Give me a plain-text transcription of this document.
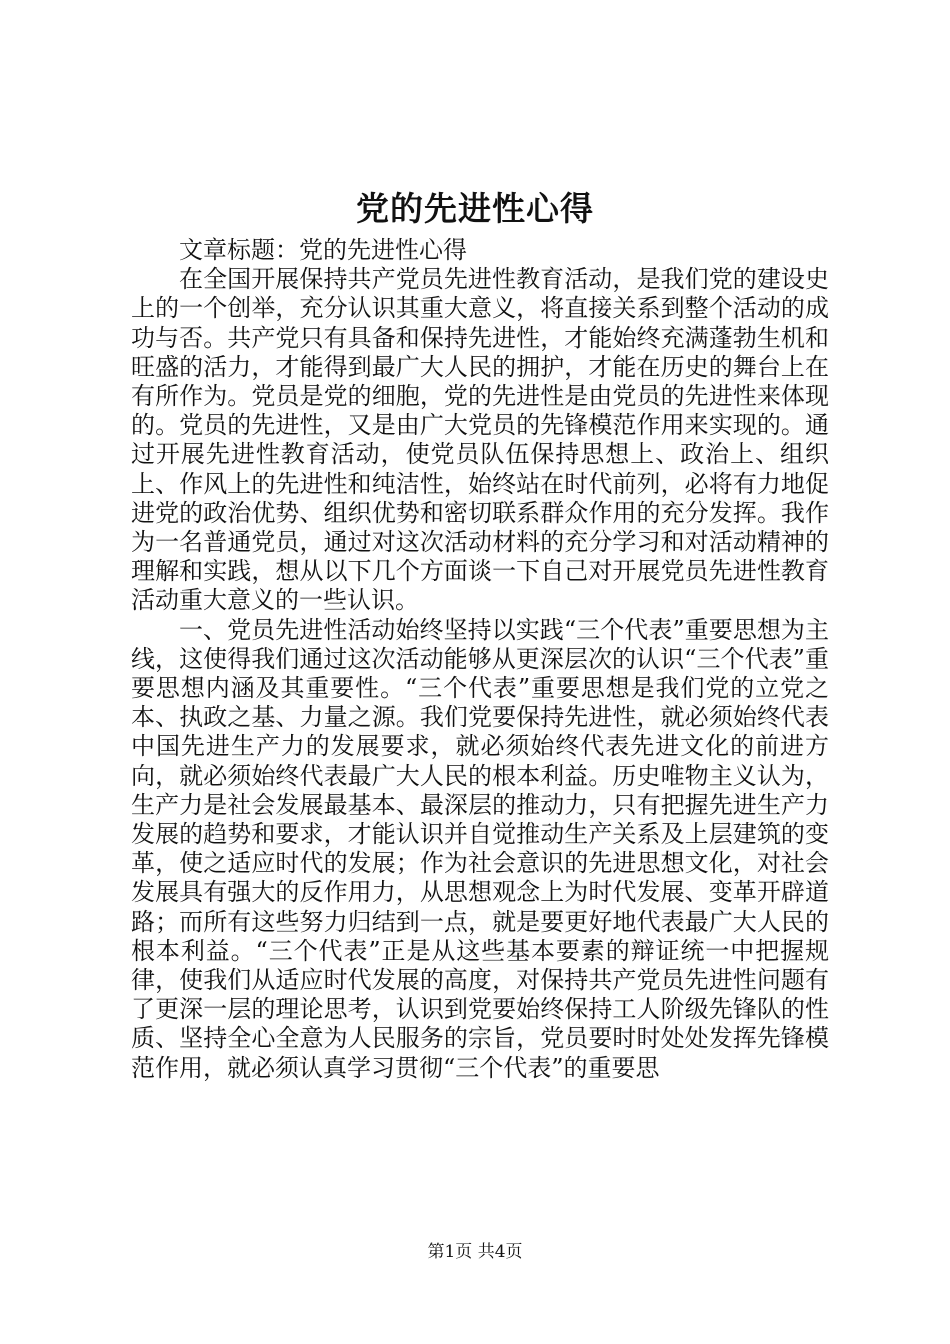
党的先进性心得

文章标题：党的先进性心得

在全国开展保持共产党员先进性教育活动，是我们党的建设史上的一个创举，充分认识其重大意义，将直接关系到整个活动的成功与否。共产党只有具备和保持先进性，才能始终充满蓬勃生机和旺盛的活力，才能得到最广大人民的拥护，才能在历史的舞台上在有所作为。党员是党的细胞，党的先进性是由党员的先进性来体现的。党员的先进性，又是由广大党员的先锋模范作用来实现的。通过开展先进性教育活动，使党员队伍保持思想上、政治上、组织上、作风上的先进性和纯洁性，始终站在时代前列，必将有力地促进党的政治优势、组织优势和密切联系群众作用的充分发挥。我作为一名普通党员，通过对这次活动材料的充分学习和对活动精神的理解和实践，想从以下几个方面谈一下自己对开展党员先进性教育活动重大意义的一些认识。

一、党员先进性活动始终坚持以实践“三个代表”重要思想为主线，这使得我们通过这次活动能够从更深层次的认识“三个代表”重要思想内涵及其重要性。“三个代表”重要思想是我们党的立党之本、执政之基、力量之源。我们党要保持先进性，就必须始终代表中国先进生产力的发展要求，就必须始终代表先进文化的前进方向，就必须始终代表最广大人民的根本利益。历史唯物主义认为，生产力是社会发展最基本、最深层的推动力，只有把握先进生产力发展的趋势和要求，才能认识并自觉推动生产关系及上层建筑的变革，使之适应时代的发展；作为社会意识的先进思想文化，对社会发展具有强大的反作用力，从思想观念上为时代发展、变革开辟道路；而所有这些努力归结到一点，就是要更好地代表最广大人民的根本利益。“三个代表”正是从这些基本要素的辩证统一中把握规律，使我们从适应时代发展的高度，对保持共产党员先进性问题有了更深一层的理论思考，认识到党要始终保持工人阶级先锋队的性质、坚持全心全意为人民服务的宗旨，党员要时时处处发挥先锋模范作用，就必须认真学习贯彻“三个代表”的重要思

第1页 共4页
